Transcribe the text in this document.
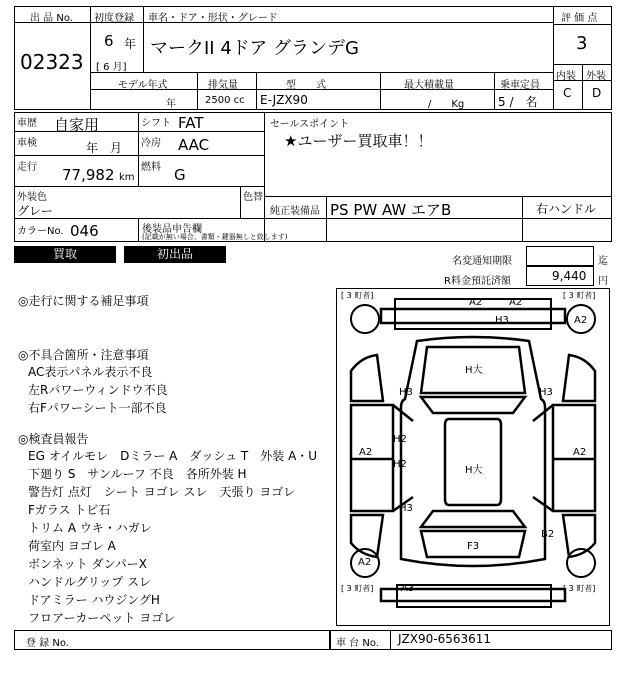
出 品 No.
02323
初度登録
6 年
[ 6 月]
車名・ドア・形状・グレード
マークII 4ドア グランデG
評 価 点
3
内装 外装
C D
モデル年式
年
排気量
2500 cc
型　　式
E-JZX90
最大積載量
/　　Kg
乗車定員
5 /　名
車歴 自家用	シフト FAT
車検	年　月 冷房 AAC
走行 77,982 km
燃料 G
外装色
グレー
色替
カラーNo. 046	後装品申告欄
(記載が無い場合、書類・鍵器無しと致します)
セールスポイント
★ユーザー買取車！！
純正装備品 PS PW AW エアB	右ハンドル
買取	初出品
名変通知期限	迄
R料金預託済額	9,440 円
◎走行に関する補足事項
◎不具合箇所・注意事項
AC表示パネル表示不良
左Rパワーウィンドウ不良
右Fパワーシート一部不良
◎検査員報告
EG オイルモレ　Dミラー A　ダッシュ T　外装 A・U
下廻り S　サンルーフ 不良　各所外装 H
警告灯 点灯　シート ヨゴレ スレ　天張り ヨゴレ
Fガラス トビ石
トリム A ウキ・ハガレ
荷室内 ヨゴレ A
ボンネット ダンパーX
ハンドルグリップ スレ
ドアミラー ハウジングH
フロアーカーペット ヨゴレ
[ 3 町者]	[ 3 町者]
[ 3 町者]	[ 3 町者]
A2	A2
H3	A2
H大
H3	H3
H2
H2
A2	A2
H大
H3
F3
B2
A2
A3
登 録 No.	車 台 No. JZX90-6563611
